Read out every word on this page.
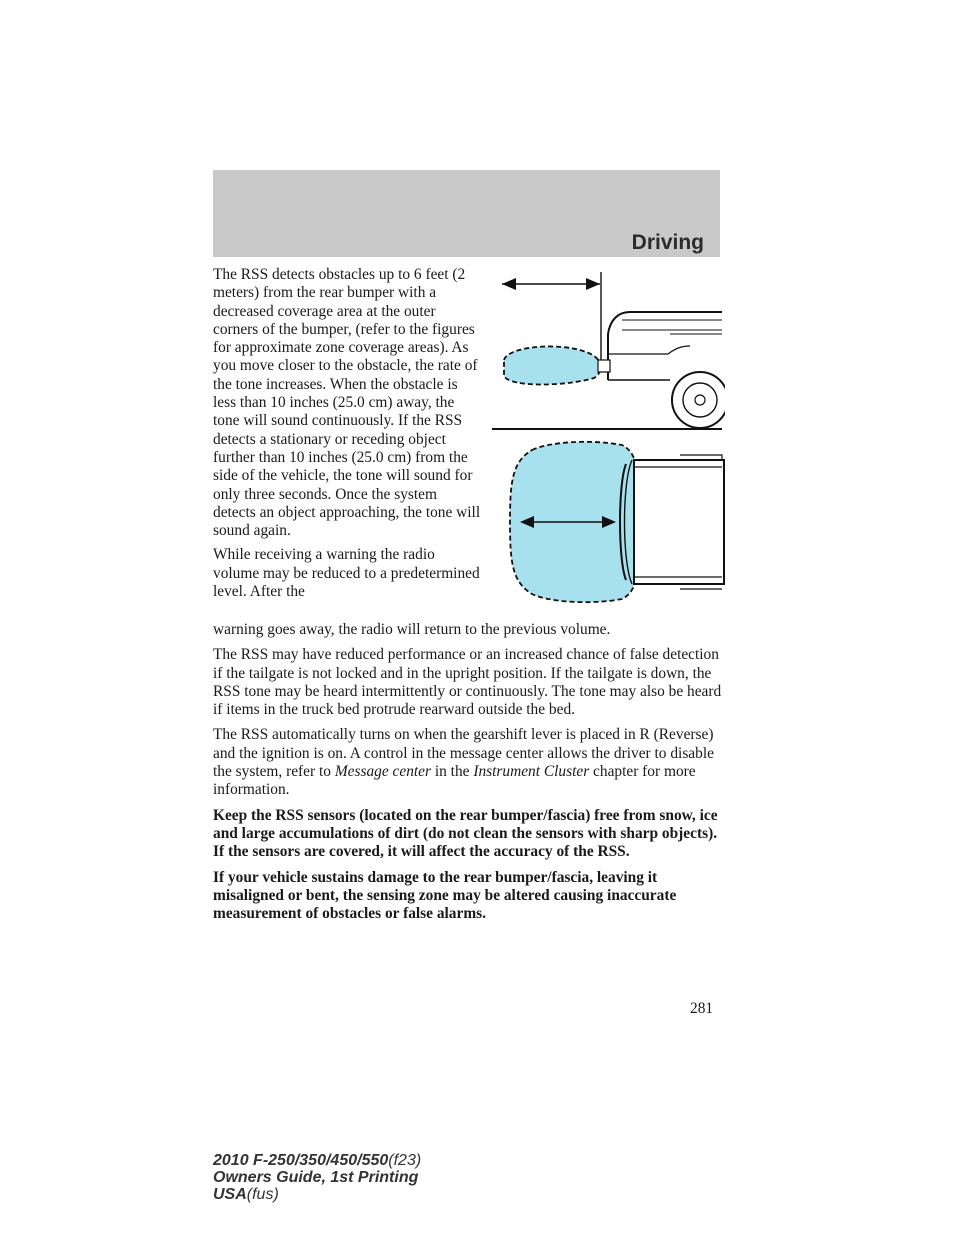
Driving

The RSS detects obstacles up to 6 feet (2 meters) from the rear bumper with a decreased coverage area at the outer corners of the bumper, (refer to the figures for approximate zone coverage areas). As you move closer to the obstacle, the rate of the tone increases. When the obstacle is less than 10 inches (25.0 cm) away, the tone will sound continuously. If the RSS detects a stationary or receding object further than 10 inches (25.0 cm) from the side of the vehicle, the tone will sound for only three seconds. Once the system detects an object approaching, the tone will sound again.

While receiving a warning the radio volume may be reduced to a predetermined level. After the

warning goes away, the radio will return to the previous volume.

The RSS may have reduced performance or an increased chance of false detection if the tailgate is not locked and in the upright position. If the tailgate is down, the RSS tone may be heard intermittently or continuously. The tone may also be heard if items in the truck bed protrude rearward outside the bed.

The RSS automatically turns on when the gearshift lever is placed in R (Reverse) and the ignition is on. A control in the message center allows the driver to disable the system, refer to Message center in the Instrument Cluster chapter for more information.

Keep the RSS sensors (located on the rear bumper/fascia) free from snow, ice and large accumulations of dirt (do not clean the sensors with sharp objects). If the sensors are covered, it will affect the accuracy of the RSS.

If your vehicle sustains damage to the rear bumper/fascia, leaving it misaligned or bent, the sensing zone may be altered causing inaccurate measurement of obstacles or false alarms.

281
2010 F-250/350/450/550(f23)
Owners Guide, 1st Printing
USA(fus)
